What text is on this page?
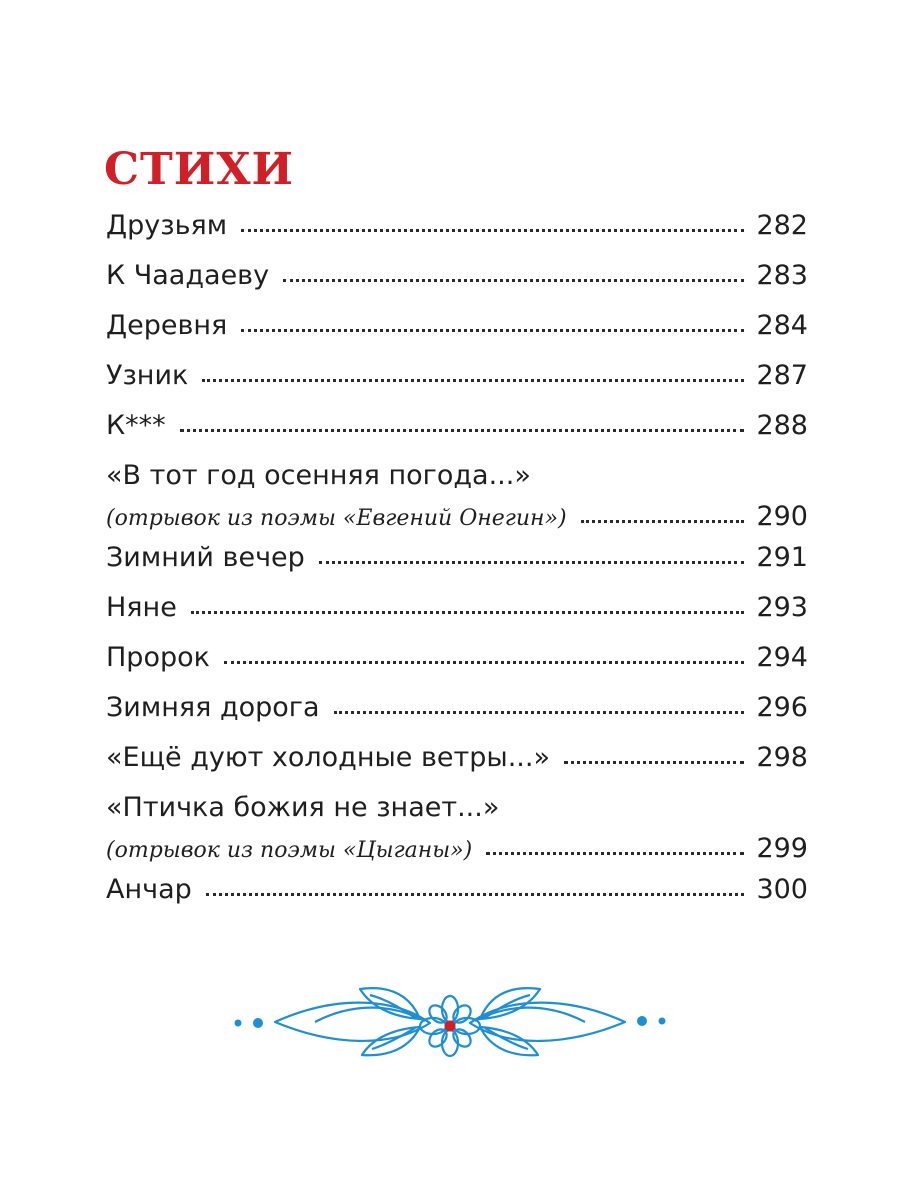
СТИХИ
Друзьям	282
К Чаадаеву	283
Деревня	284
Узник	287
К***	288
«В тот год осенняя погода...»
(отрывок из поэмы «Евгений Онегин»)	290
Зимний вечер	291
Няне	293
Пророк	294
Зимняя дорога	296
«Ещё дуют холодные ветры...»	298
«Птичка божия не знает...»
(отрывок из поэмы «Цыганы»)	299
Анчар	300
